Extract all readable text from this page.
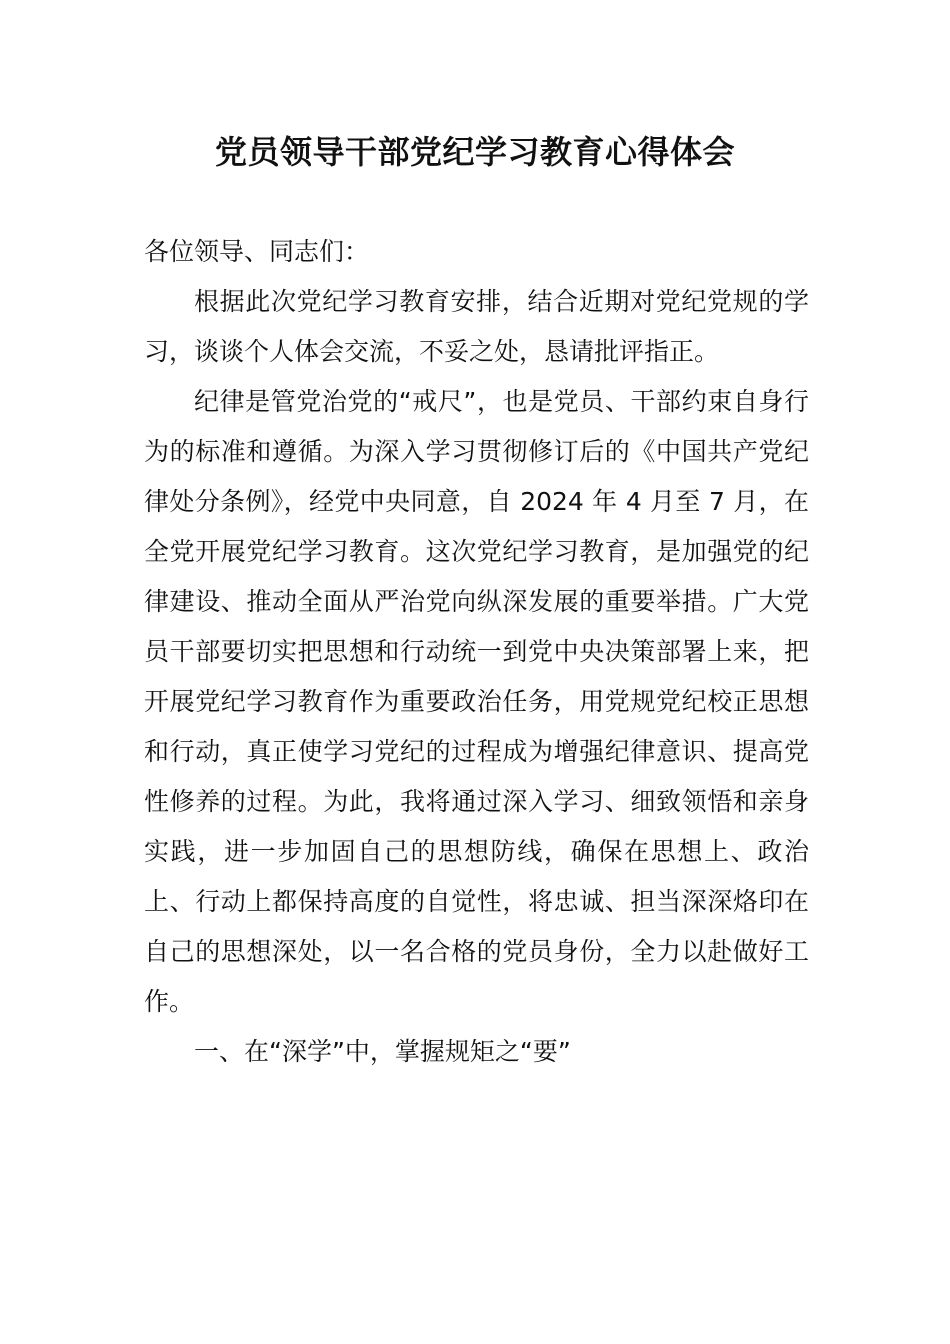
党员领导干部党纪学习教育心得体会

各位领导、同志们：

根据此次党纪学习教育安排，结合近期对党纪党规的学习，谈谈个人体会交流，不妥之处，恳请批评指正。

纪律是管党治党的“戒尺”，也是党员、干部约束自身行为的标准和遵循。为深入学习贯彻修订后的《中国共产党纪律处分条例》，经党中央同意，自 2024 年 4 月至 7 月，在全党开展党纪学习教育。这次党纪学习教育，是加强党的纪律建设、推动全面从严治党向纵深发展的重要举措。广大党员干部要切实把思想和行动统一到党中央决策部署上来，把开展党纪学习教育作为重要政治任务，用党规党纪校正思想和行动，真正使学习党纪的过程成为增强纪律意识、提高党性修养的过程。为此，我将通过深入学习、细致领悟和亲身实践，进一步加固自己的思想防线，确保在思想上、政治上、行动上都保持高度的自觉性，将忠诚、担当深深烙印在自己的思想深处，以一名合格的党员身份，全力以赴做好工作。

一、在“深学”中，掌握规矩之“要”
